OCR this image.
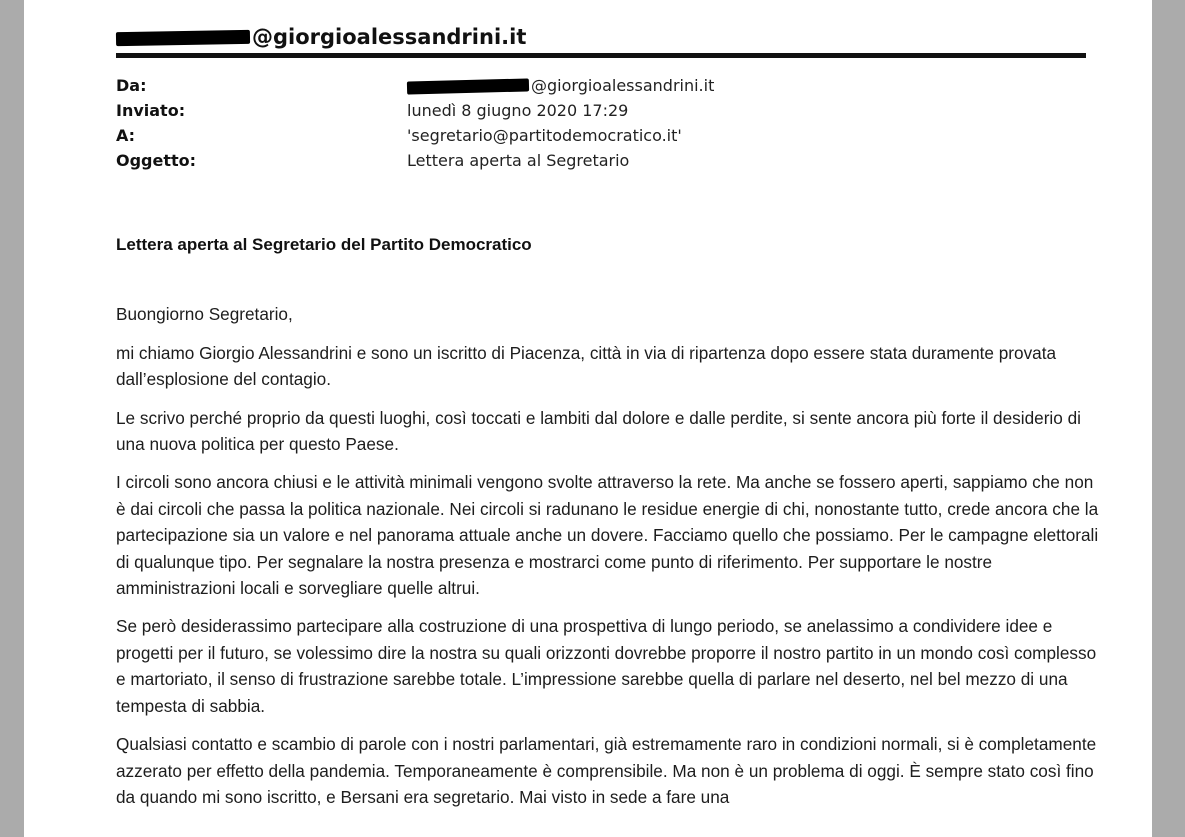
@giorgioalessandrini.it
Da:	@giorgioalessandrini.it
Inviato:	lunedì 8 giugno 2020 17:29
A:	'segretario@partitodemocratico.it'
Oggetto:	Lettera aperta al Segretario

Lettera aperta al Segretario del Partito Democratico

Buongiorno Segretario,

mi chiamo Giorgio Alessandrini e sono un iscritto di Piacenza, città in via di ripartenza dopo essere stata duramente provata dall’esplosione del contagio.

Le scrivo perché proprio da questi luoghi, così toccati e lambiti dal dolore e dalle perdite, si sente ancora più forte il desiderio di una nuova politica per questo Paese.

I circoli sono ancora chiusi e le attività minimali vengono svolte attraverso la rete. Ma anche se fossero aperti, sappiamo che non è dai circoli che passa la politica nazionale. Nei circoli si radunano le residue energie di chi, nonostante tutto, crede ancora che la partecipazione sia un valore e nel panorama attuale anche un dovere. Facciamo quello che possiamo. Per le campagne elettorali di qualunque tipo. Per segnalare la nostra presenza e mostrarci come punto di riferimento. Per supportare le nostre amministrazioni locali e sorvegliare quelle altrui.

Se però desiderassimo partecipare alla costruzione di una prospettiva di lungo periodo, se anelassimo a condividere idee e progetti per il futuro, se volessimo dire la nostra su quali orizzonti dovrebbe proporre il nostro partito in un mondo così complesso e martoriato, il senso di frustrazione sarebbe totale. L’impressione sarebbe quella di parlare nel deserto, nel bel mezzo di una tempesta di sabbia.

Qualsiasi contatto e scambio di parole con i nostri parlamentari, già estremamente raro in condizioni normali, si è completamente azzerato per effetto della pandemia. Temporaneamente è comprensibile. Ma non è un problema di oggi. È sempre stato così fino da quando mi sono iscritto, e Bersani era segretario. Mai visto in sede a fare una
